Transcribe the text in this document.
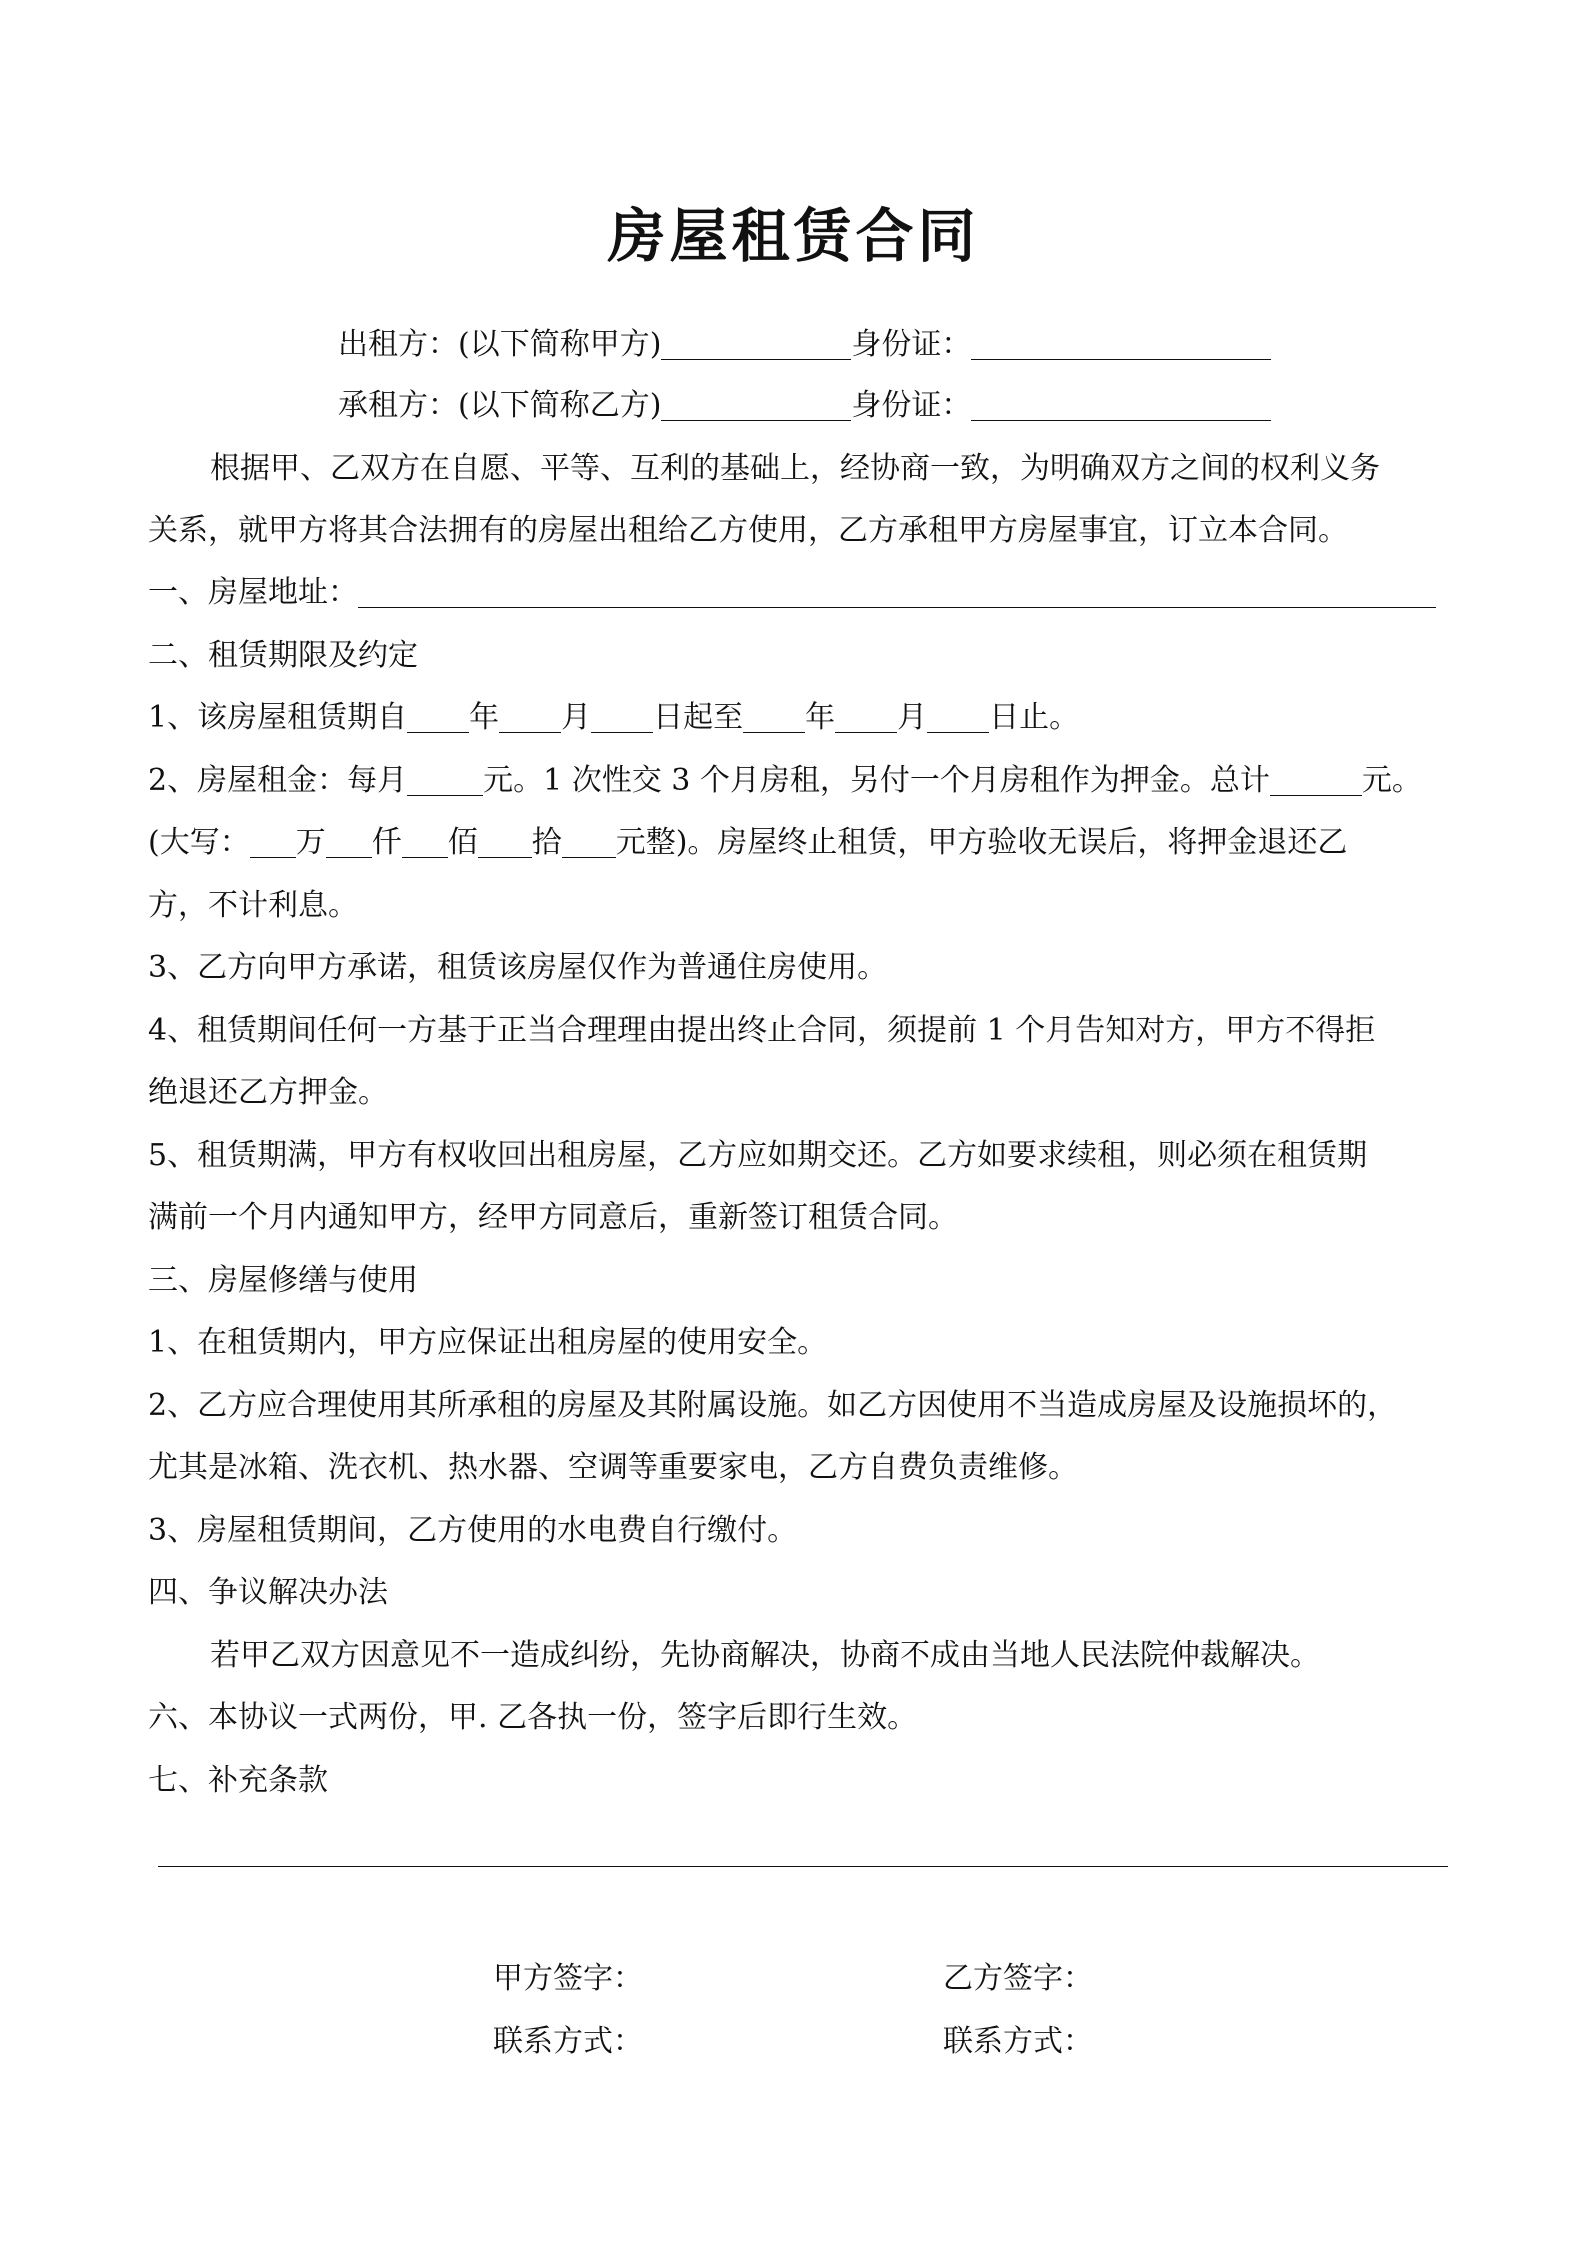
房屋租赁合同
出租方：(以下简称甲方)	身份证：
承租方：(以下简称乙方)	身份证：
根据甲、乙双方在自愿、平等、互利的基础上，经协商一致，为明确双方之间的权利义务
关系，就甲方将其合法拥有的房屋出租给乙方使用，乙方承租甲方房屋事宜，订立本合同。
一、房屋地址：
二、租赁期限及约定
1、该房屋租赁期自 年 月 日起至 年 月 日止。
2、房屋租金：每月	元。1 次性交 3 个月房租，另付一个月房租作为押金。总计	元。
(大写： 万 仟 佰 拾 元整)。房屋终止租赁，甲方验收无误后，将押金退还乙
方，不计利息。
3、乙方向甲方承诺，租赁该房屋仅作为普通住房使用。
4、租赁期间任何一方基于正当合理理由提出终止合同，须提前 1 个月告知对方，甲方不得拒
绝退还乙方押金。
5、租赁期满，甲方有权收回出租房屋，乙方应如期交还。乙方如要求续租，则必须在租赁期
满前一个月内通知甲方，经甲方同意后，重新签订租赁合同。
三、房屋修缮与使用
1、在租赁期内，甲方应保证出租房屋的使用安全。
2、乙方应合理使用其所承租的房屋及其附属设施。如乙方因使用不当造成房屋及设施损坏的，
尤其是冰箱、洗衣机、热水器、空调等重要家电，乙方自费负责维修。
3、房屋租赁期间，乙方使用的水电费自行缴付。
四、争议解决办法
若甲乙双方因意见不一造成纠纷，先协商解决，协商不成由当地人民法院仲裁解决。
六、本协议一式两份，甲. 乙各执一份，签字后即行生效。
七、补充条款
甲方签字：	乙方签字：
联系方式：	联系方式：
